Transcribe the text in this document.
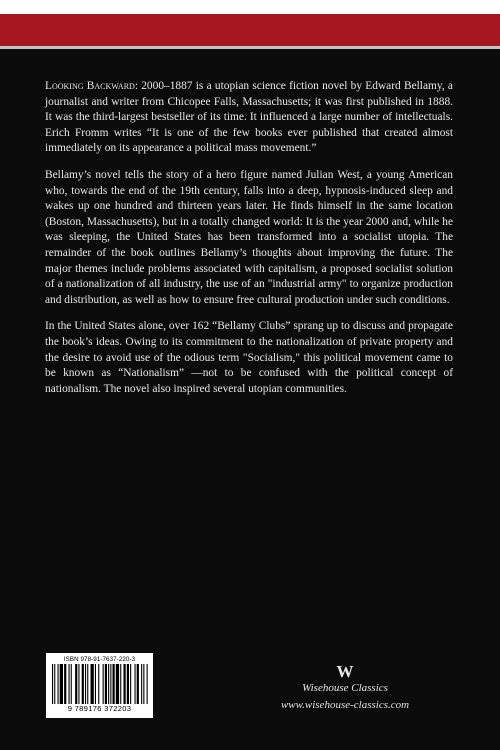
Looking Backward: 2000–1887 is a utopian science fiction novel by Edward Bellamy, a journalist and writer from Chicopee Falls, Massachusetts; it was first published in 1888. It was the third-largest bestseller of its time. It influenced a large number of intellectuals. Erich Fromm writes “It is one of the few books ever published that created almost immediately on its appearance a political mass movement.”

Bellamy’s novel tells the story of a hero figure named Julian West, a young American who, towards the end of the 19th century, falls into a deep, hypnosis-induced sleep and wakes up one hundred and thirteen years later. He finds himself in the same location (Boston, Massachusetts), but in a totally changed world: It is the year 2000 and, while he was sleeping, the United States has been transformed into a socialist utopia. The remainder of the book outlines Bellamy’s thoughts about improving the future. The major themes include problems associated with capitalism, a proposed socialist solution of a nationalization of all industry, the use of an "industrial army" to organize production and distribution, as well as how to ensure free cultural production under such conditions.

In the United States alone, over 162 “Bellamy Clubs” sprang up to discuss and propagate the book’s ideas. Owing to its commitment to the nationalization of private property and the desire to avoid use of the odious term "Socialism," this political movement came to be known as “Nationalism” —not to be confused with the political concept of nationalism. The novel also inspired several utopian communities.

ISBN 978-91-7637-220-3
9 789176 372203
W
Wisehouse Classics
www.wisehouse-classics.com
